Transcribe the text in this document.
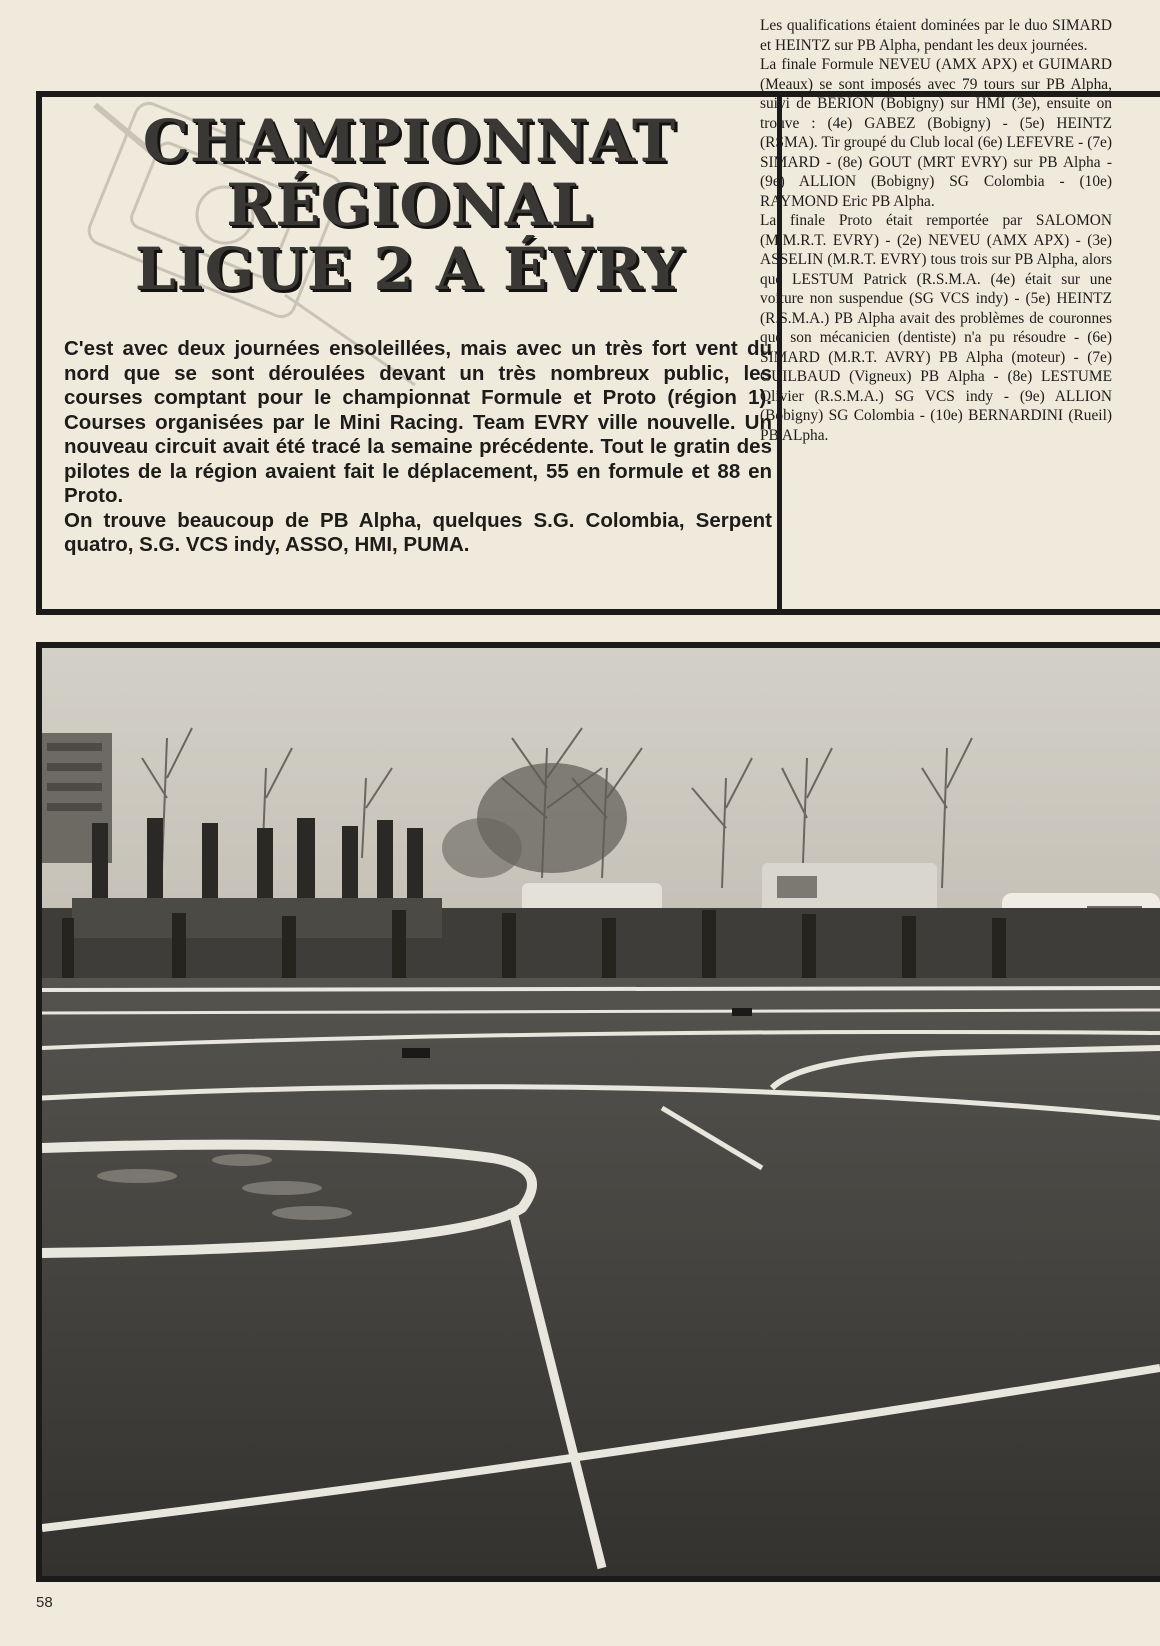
CHAMPIONNAT
RÉGIONAL
LIGUE 2 A ÉVRY

C'est avec deux journées ensoleillées, mais avec un très fort vent du nord que se sont déroulées devant un très nombreux public, les courses comptant pour le championnat Formule et Proto (région 1). Courses organisées par le Mini Racing. Team EVRY ville nouvelle. Un nouveau circuit avait été tracé la semaine précédente. Tout le gratin des pilotes de la région avaient fait le déplacement, 55 en formule et 88 en Proto.

On trouve beaucoup de PB Alpha, quelques S.G. Colombia, Serpent quatro, S.G. VCS indy, ASSO, HMI, PUMA.

Les qualifications étaient dominées par le duo SIMARD et HEINTZ sur PB Alpha, pendant les deux journées.

La finale Formule NEVEU (AMX APX) et GUIMARD (Meaux) se sont imposés avec 79 tours sur PB Alpha, suivi de BERION (Bobigny) sur HMI (3e), ensuite on trouve : (4e) GABEZ (Bobigny) - (5e) HEINTZ (RSMA). Tir groupé du Club local (6e) LEFEVRE - (7e) SIMARD - (8e) GOUT (MRT EVRY) sur PB Alpha - (9e) ALLION (Bobigny) SG Colombia - (10e) RAYMOND Eric PB Alpha.

La finale Proto était remportée par SALOMON (M.M.R.T. EVRY) - (2e) NEVEU (AMX APX) - (3e) ASSELIN (M.R.T. EVRY) tous trois sur PB Alpha, alors que LESTUM Patrick (R.S.M.A. (4e) était sur une voiture non suspendue (SG VCS indy) - (5e) HEINTZ (R.S.M.A.) PB Alpha avait des problèmes de couronnes que son mécanicien (dentiste) n'a pu résoudre - (6e) SIMARD (M.R.T. AVRY) PB Alpha (moteur) - (7e) GUILBAUD (Vigneux) PB Alpha - (8e) LESTUME Olivier (R.S.M.A.) SG VCS indy - (9e) ALLION (Bobigny) SG Colombia - (10e) BERNARDINI (Rueil) PB ALpha.

58
